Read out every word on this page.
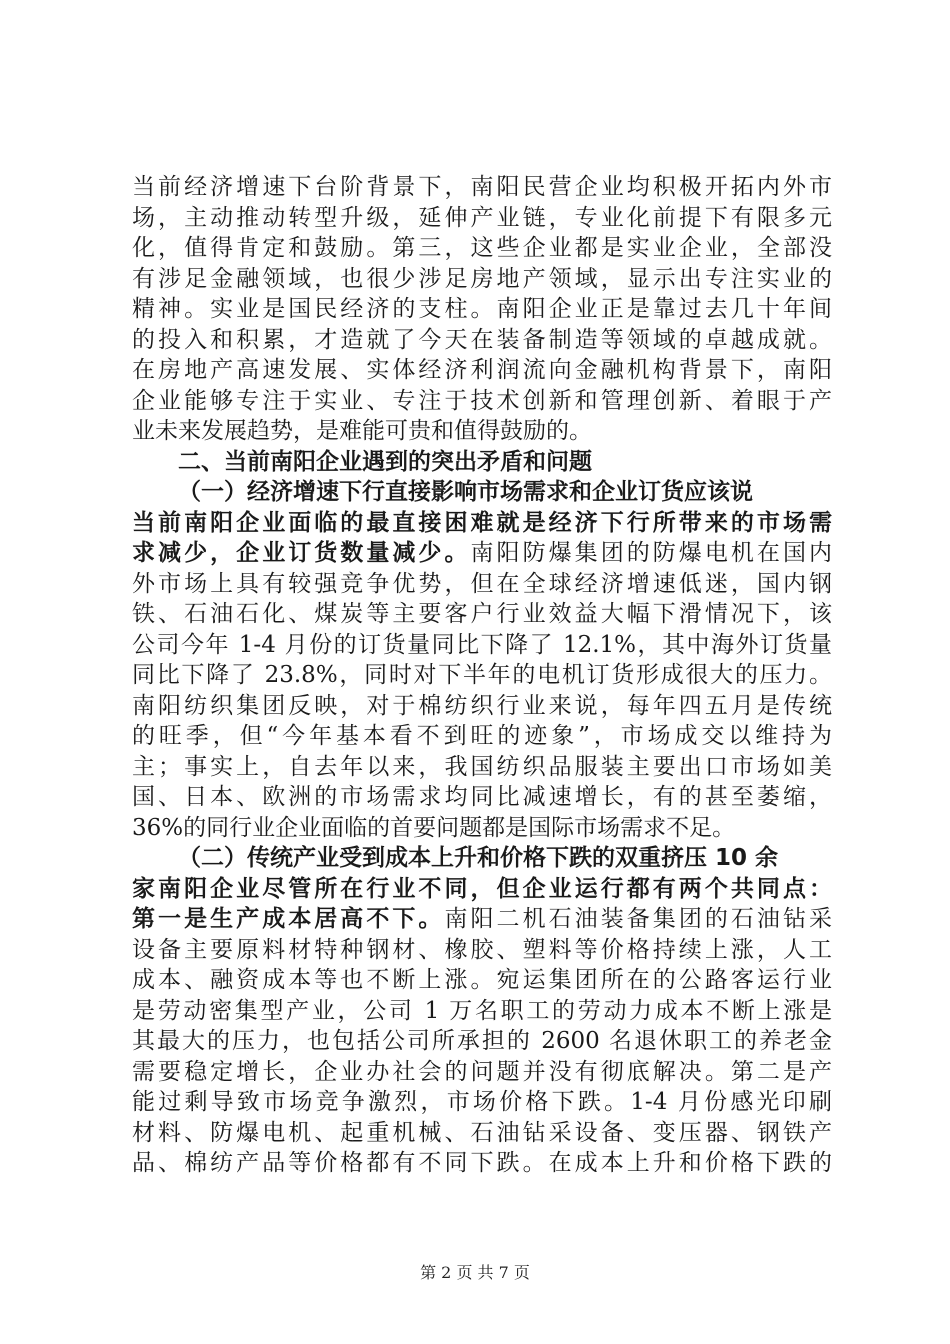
当前经济增速下台阶背景下，南阳民营企业均积极开拓内外市
场，主动推动转型升级，延伸产业链，专业化前提下有限多元
化，值得肯定和鼓励。第三，这些企业都是实业企业，全部没
有涉足金融领域，也很少涉足房地产领域，显示出专注实业的
精神。实业是国民经济的支柱。南阳企业正是靠过去几十年间
的投入和积累，才造就了今天在装备制造等领域的卓越成就。
在房地产高速发展、实体经济利润流向金融机构背景下，南阳
企业能够专注于实业、专注于技术创新和管理创新、着眼于产
业未来发展趋势，是难能可贵和值得鼓励的。
二、当前南阳企业遇到的突出矛盾和问题
（一）经济增速下行直接影响市场需求和企业订货应该说
当前南阳企业面临的最直接困难就是经济下行所带来的市场需
求减少，企业订货数量减少。南阳防爆集团的防爆电机在国内
外市场上具有较强竞争优势，但在全球经济增速低迷，国内钢
铁、石油石化、煤炭等主要客户行业效益大幅下滑情况下，该
公司今年 1-4 月份的订货量同比下降了 12.1%，其中海外订货量
同比下降了 23.8%，同时对下半年的电机订货形成很大的压力。
南阳纺织集团反映，对于棉纺织行业来说，每年四五月是传统
的旺季，但“今年基本看不到旺的迹象”，市场成交以维持为
主；事实上，自去年以来，我国纺织品服装主要出口市场如美
国、日本、欧洲的市场需求均同比减速增长，有的甚至萎缩，
36%的同行业企业面临的首要问题都是国际市场需求不足。
（二）传统产业受到成本上升和价格下跌的双重挤压 10 余
家南阳企业尽管所在行业不同，但企业运行都有两个共同点：
第一是生产成本居高不下。南阳二机石油装备集团的石油钻采
设备主要原料材特种钢材、橡胶、塑料等价格持续上涨，人工
成本、融资成本等也不断上涨。宛运集团所在的公路客运行业
是劳动密集型产业，公司 1 万名职工的劳动力成本不断上涨是
其最大的压力，也包括公司所承担的 2600 名退休职工的养老金
需要稳定增长，企业办社会的问题并没有彻底解决。第二是产
能过剩导致市场竞争激烈，市场价格下跌。1-4 月份感光印刷
材料、防爆电机、起重机械、石油钻采设备、变压器、钢铁产
品、棉纺产品等价格都有不同下跌。在成本上升和价格下跌的
第 2 页 共 7 页
